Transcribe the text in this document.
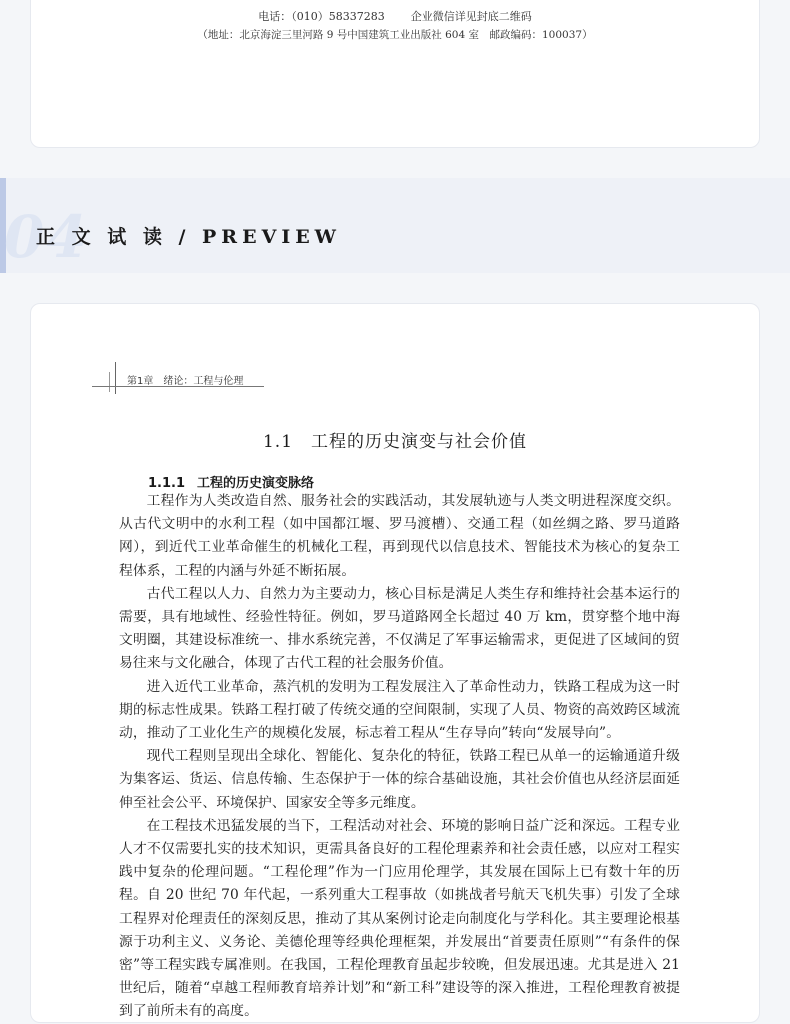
电话：（010）58337283 企业微信详见封底二维码
（地址：北京海淀三里河路 9 号中国建筑工业出版社 604 室　邮政编码：100037）
04
正 文 试 读 / PREVIEW
第1章　绪论：工程与伦理
1.1 工程的历史演变与社会价值
1.1.1 工程的历史演变脉络

工程作为人类改造自然、服务社会的实践活动，其发展轨迹与人类文明进程深度交织。从古代文明中的水利工程（如中国都江堰、罗马渡槽）、交通工程（如丝绸之路、罗马道路网），到近代工业革命催生的机械化工程，再到现代以信息技术、智能技术为核心的复杂工程体系，工程的内涵与外延不断拓展。

古代工程以人力、自然力为主要动力，核心目标是满足人类生存和维持社会基本运行的需要，具有地域性、经验性特征。例如，罗马道路网全长超过 40 万 km，贯穿整个地中海文明圈，其建设标准统一、排水系统完善，不仅满足了军事运输需求，更促进了区域间的贸易往来与文化融合，体现了古代工程的社会服务价值。

进入近代工业革命，蒸汽机的发明为工程发展注入了革命性动力，铁路工程成为这一时期的标志性成果。铁路工程打破了传统交通的空间限制，实现了人员、物资的高效跨区域流动，推动了工业化生产的规模化发展，标志着工程从“生存导向”转向“发展导向”。

现代工程则呈现出全球化、智能化、复杂化的特征，铁路工程已从单一的运输通道升级为集客运、货运、信息传输、生态保护于一体的综合基础设施，其社会价值也从经济层面延伸至社会公平、环境保护、国家安全等多元维度。

在工程技术迅猛发展的当下，工程活动对社会、环境的影响日益广泛和深远。工程专业人才不仅需要扎实的技术知识，更需具备良好的工程伦理素养和社会责任感，以应对工程实践中复杂的伦理问题。“工程伦理”作为一门应用伦理学，其发展在国际上已有数十年的历程。自 20 世纪 70 年代起，一系列重大工程事故（如挑战者号航天飞机失事）引发了全球工程界对伦理责任的深刻反思，推动了其从案例讨论走向制度化与学科化。其主要理论根基源于功利主义、义务论、美德伦理等经典伦理框架，并发展出“首要责任原则”“有条件的保密”等工程实践专属准则。在我国，工程伦理教育虽起步较晚，但发展迅速。尤其是进入 21 世纪后，随着“卓越工程师教育培养计划”和“新工科”建设等的深入推进，工程伦理教育被提到了前所未有的高度。
